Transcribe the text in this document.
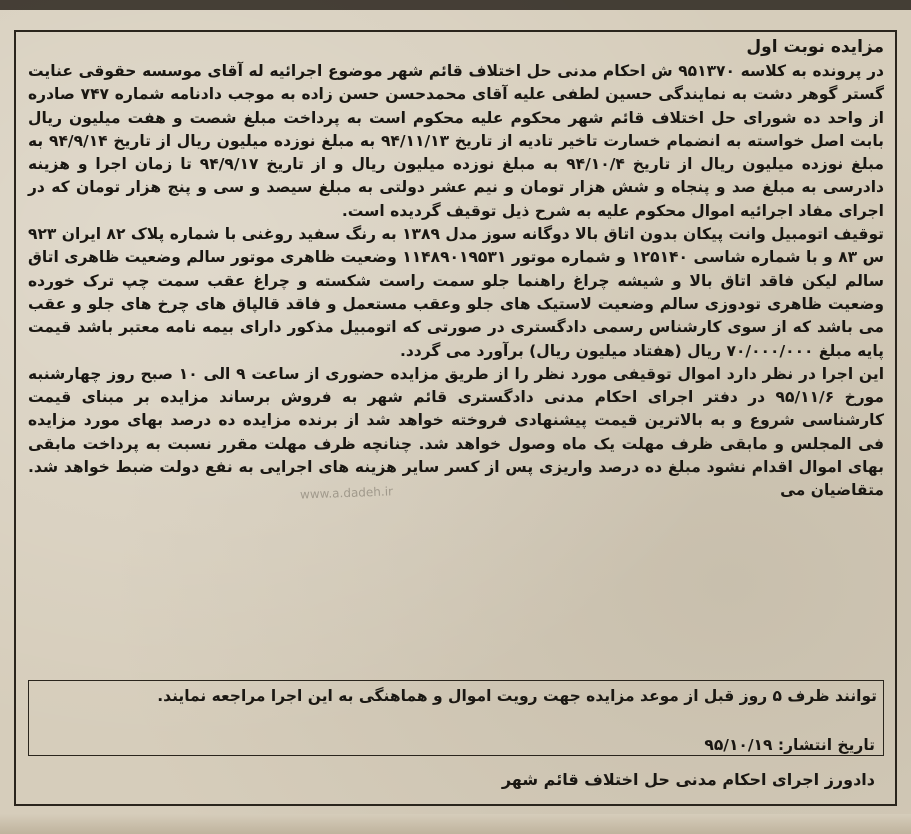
مزایده نوبت اول

در پرونده به کلاسه ۹۵۱۳۷۰ ش احکام مدنی حل اختلاف قائم شهر موضوع اجرائیه له آقای موسسه حقوقی عنایت گستر گوهر دشت به نمایندگی حسین لطفی علیه آقای محمدحسن حسن زاده به موجب دادنامه شماره ۷۴۷ صادره از واحد ده شورای حل اختلاف قائم شهر محکوم علیه محکوم است به پرداخت مبلغ شصت و هفت میلیون ریال بابت اصل خواسته به انضمام خسارت تاخیر تادیه از تاریخ ۹۴/۱۱/۱۳ به مبلغ نوزده میلیون ریال از تاریخ ۹۴/۹/۱۴ به مبلغ نوزده میلیون ریال از تاریخ ۹۴/۱۰/۴ به مبلغ نوزده میلیون ریال و از تاریخ ۹۴/۹/۱۷ تا زمان اجرا و هزینه دادرسی به مبلغ صد و پنجاه و شش هزار تومان و نیم عشر دولتی به مبلغ سیصد و سی و پنج هزار تومان که در اجرای مفاد اجرائیه اموال محکوم علیه به شرح ذیل توقیف گردیده است.

توقیف اتومبیل وانت پیکان بدون اتاق بالا دوگانه سوز مدل ۱۳۸۹ به رنگ سفید روغنی با شماره پلاک ۸۲ ایران ۹۲۳ س ۸۳ و با شماره شاسی ۱۲۵۱۴۰ و شماره موتور ۱۱۴۸۹۰۱۹۵۳۱ وضعیت ظاهری موتور سالم وضعیت ظاهری اتاق سالم لیکن فاقد اتاق بالا و شیشه چراغ راهنما جلو سمت راست شکسته و چراغ عقب سمت چپ ترک خورده وضعیت ظاهری تودوزی سالم وضعیت لاستیک های جلو وعقب مستعمل و فاقد قالپاق های چرخ های جلو و عقب می باشد که از سوی کارشناس رسمی دادگستری در صورتی که اتومبیل مذکور دارای بیمه نامه معتبر باشد قیمت پایه مبلغ ۷۰/۰۰۰/۰۰۰ ریال (هفتاد میلیون ریال) برآورد می گردد.

این اجرا در نظر دارد اموال توقیفی مورد نظر را از طریق مزایده حضوری از ساعت ۹ الی ۱۰ صبح روز چهارشنبه مورخ ۹۵/۱۱/۶ در دفتر اجرای احکام مدنی دادگستری قائم شهر به فروش برساند مزایده بر مبنای قیمت کارشناسی شروع و به بالاترین قیمت پیشنهادی فروخته خواهد شد از برنده مزایده ده درصد بهای مورد مزایده فی المجلس و مابقی ظرف مهلت یک ماه وصول خواهد شد. چنانچه ظرف مهلت مقرر نسبت به پرداخت مابقی بهای اموال اقدام نشود مبلغ ده درصد واریزی پس از کسر سایر هزینه های اجرایی به نفع دولت ضبط خواهد شد. متقاضیان می

www.a.dadeh.ir

توانند ظرف ۵ روز قبل از موعد مزایده جهت رویت اموال و هماهنگی به این اجرا مراجعه نمایند.

تاریخ انتشار: ۹۵/۱۰/۱۹
دادورز اجرای احکام مدنی حل اختلاف قائم شهر
